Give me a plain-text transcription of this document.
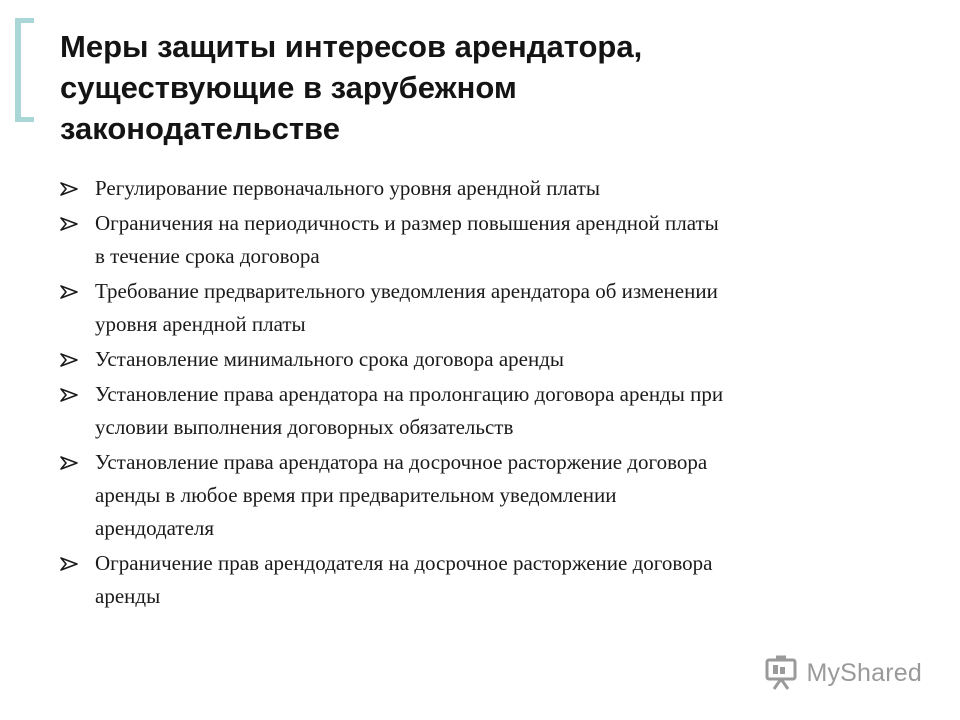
Меры защиты интересов арендатора,
существующие в зарубежном
законодательстве
Регулирование первоначального уровня арендной платы
Ограничения на периодичность и размер повышения арендной платы
в течение срока договора
Требование предварительного уведомления арендатора об изменении
уровня арендной платы
Установление минимального срока договора аренды
Установление права арендатора на пролонгацию договора аренды при
условии выполнения договорных обязательств
Установление права арендатора на досрочное расторжение договора
аренды в любое время при предварительном уведомлении
арендодателя
Ограничение прав арендодателя на досрочное расторжение договора
аренды
MyShared
